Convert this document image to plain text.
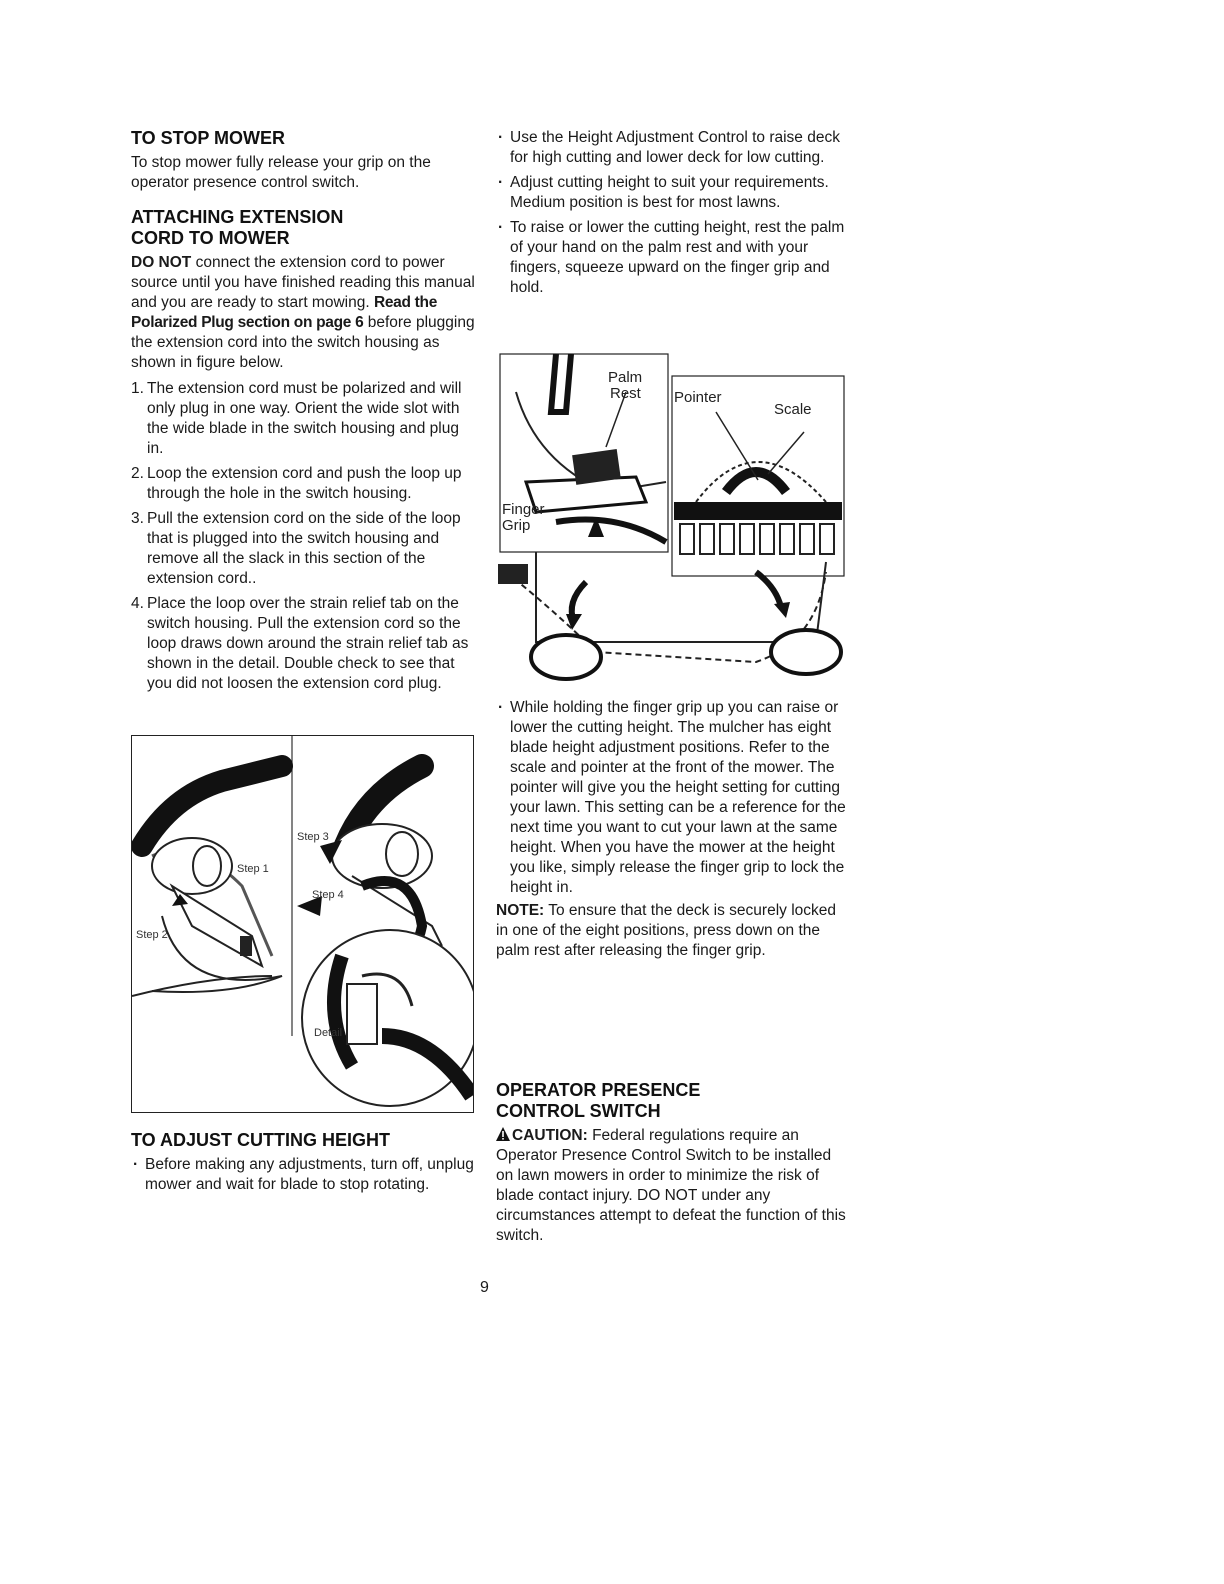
TO STOP MOWER

To stop mower fully release your grip on the operator presence control switch.

ATTACHING EXTENSION
CORD TO MOWER

DO NOT connect the extension cord to power source until you have finished reading this manual and you are ready to start mowing. Read the Polarized Plug section on page 6 before plugging the extension cord into the switch housing as shown in figure below.

1. The extension cord must be polarized and will only plug in one way. Orient the wide slot with the wide blade in the switch housing and plug in.
2. Loop the extension cord and push the loop up through the hole in the switch housing.
3. Pull the extension cord on the side of the loop that is plugged into the switch housing and remove all the slack in this section of the extension cord..
4. Place the loop over the strain relief tab on the switch housing. Pull the extension cord so the loop draws down around the strain relief tab as shown in the detail. Double check to see that you did not loosen the extension cord plug.
Step 1
Step 2
Step 3
Step 4
Detail
TO ADJUST CUTTING HEIGHT
· Before making any adjustments, turn off, unplug mower and wait for blade to stop rotating.
· Use the Height Adjustment Control to raise deck for high cutting and lower deck for low cutting.
· Adjust cutting height to suit your requirements. Medium position is best for most lawns.
· To raise or lower the cutting height, rest the palm of your hand on the palm rest and with your fingers, squeeze upward on the finger grip and hold.
Palm
Rest
Finger
Grip
Pointer
Scale
· While holding the finger grip up you can raise or lower the cutting height. The mulcher has eight blade height adjustment positions. Refer to the scale and pointer at the front of the mower. The pointer will give you the height setting for cutting your lawn. This setting can be a reference for the next time you want to cut your lawn at the same height. When you have the mower at the height you like, simply release the finger grip to lock the height in.

NOTE: To ensure that the deck is securely locked in one of the eight positions, press down on the palm rest after releasing the finger grip.

OPERATOR PRESENCE
CONTROL SWITCH

CAUTION: Federal regulations require an Operator Presence Control Switch to be installed on lawn mowers in order to minimize the risk of blade contact injury. DO NOT under any circumstances attempt to defeat the function of this switch.

9
